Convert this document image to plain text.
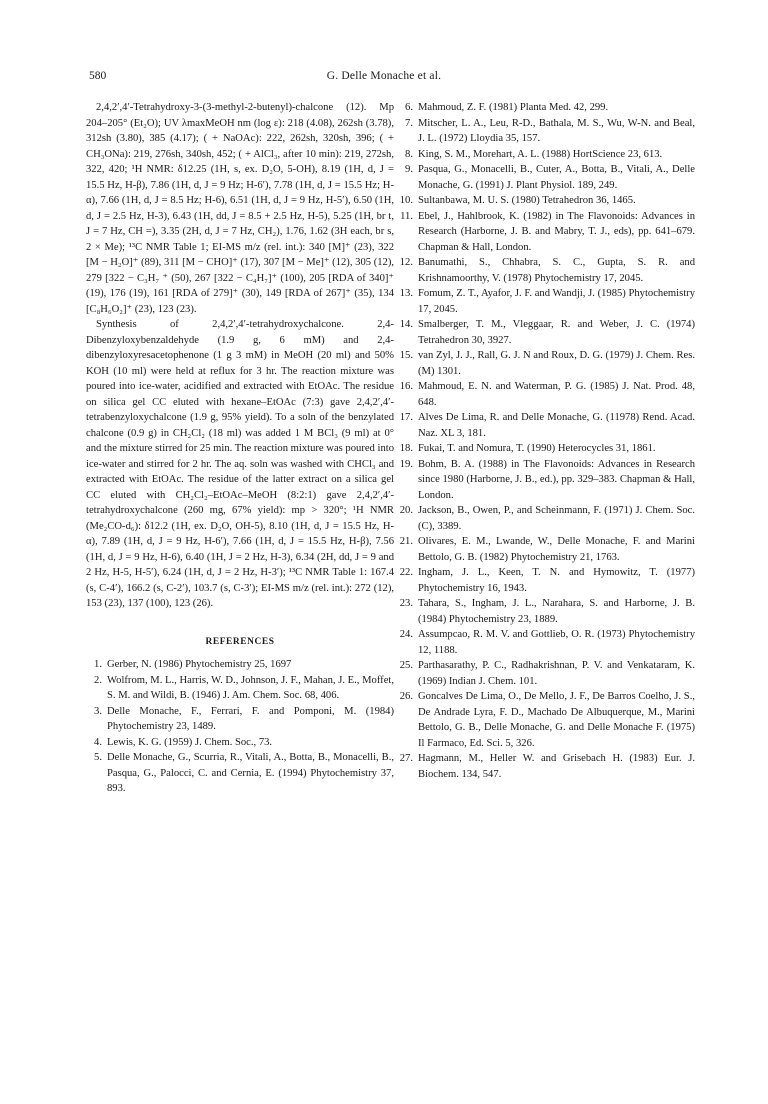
580	G. Delle Monache et al.

2,4,2′,4′-Tetrahydroxy-3-(3-methyl-2-butenyl)-chalcone (12). Mp 204–205° (Et₂O); UV λmaxMeOH nm (log ε): 218 (4.08), 262sh (3.78), 312sh (3.80), 385 (4.17); ( + NaOAc): 222, 262sh, 320sh, 396; ( + CH₃ONa): 219, 276sh, 340sh, 452; ( + AlCl₃, after 10 min): 219, 272sh, 322, 420; ¹H NMR: δ12.25 (1H, s, ex. D₂O, 5-OH), 8.19 (1H, d, J = 15.5 Hz, H-β), 7.86 (1H, d, J = 9 Hz; H-6′), 7.78 (1H, d, J = 15.5 Hz; H-α), 7.66 (1H, d, J = 8.5 Hz; H-6), 6.51 (1H, d, J = 9 Hz, H-5′), 6.50 (1H, d, J = 2.5 Hz, H-3), 6.43 (1H, dd, J = 8.5 + 2.5 Hz, H-5), 5.25 (1H, br t, J = 7 Hz, CH =), 3.35 (2H, d, J = 7 Hz, CH₂), 1.76, 1.62 (3H each, br s, 2 × Me); ¹³C NMR Table 1; EI-MS m/z (rel. int.): 340 [M]⁺ (23), 322 [M − H₂O]⁺ (89), 311 [M − CHO]⁺ (17), 307 [M − Me]⁺ (12), 305 (12), 279 [322 − C₃H₇ ⁺ (50), 267 [322 − C₄H₇]⁺ (100), 205 [RDA of 340]⁺ (19), 176 (19), 161 [RDA of 279]⁺ (30), 149 [RDA of 267]⁺ (35), 134 [C₈H₆O₂]⁺ (23), 123 (23).

Synthesis of 2,4,2′,4′-tetrahydroxychalcone. 2,4-Dibenzyloxybenzaldehyde (1.9 g, 6 mM) and 2,4-dibenzyloxyresacetophenone (1 g 3 mM) in MeOH (20 ml) and 50% KOH (10 ml) were held at reflux for 3 hr. The reaction mixture was poured into ice-water, acidified and extracted with EtOAc. The residue on silica gel CC eluted with hexane–EtOAc (7:3) gave 2,4,2′,4′-tetrabenzyloxychalcone (1.9 g, 95% yield). To a soln of the benzylated chalcone (0.9 g) in CH₂Cl₂ (18 ml) was added 1 M BCl₃ (9 ml) at 0° and the mixture stirred for 25 min. The reaction mixture was poured into ice-water and stirred for 2 hr. The aq. soln was washed with CHCl₃ and extracted with EtOAc. The residue of the latter extract on a silica gel CC eluted with CH₂Cl₂–EtOAc–MeOH (8:2:1) gave 2,4,2′,4′-tetrahydroxychalcone (260 mg, 67% yield): mp > 320°; ¹H NMR (Me₂CO-d₆): δ12.2 (1H, ex. D₂O, OH-5), 8.10 (1H, d, J = 15.5 Hz, H-α), 7.89 (1H, d, J = 9 Hz, H-6′), 7.66 (1H, d, J = 15.5 Hz, H-β), 7.56 (1H, d, J = 9 Hz, H-6), 6.40 (1H, J = 2 Hz, H-3), 6.34 (2H, dd, J = 9 and 2 Hz, H-5, H-5′), 6.24 (1H, d, J = 2 Hz, H-3′); ¹³C NMR Table 1: 167.4 (s, C-4′), 166.2 (s, C-2′), 103.7 (s, C-3′); EI-MS m/z (rel. int.): 272 (12), 153 (23), 137 (100), 123 (26).

REFERENCES

1. Gerber, N. (1986) Phytochemistry 25, 1697

2. Wolfrom, M. L., Harris, W. D., Johnson, J. F., Mahan, J. E., Moffet, S. M. and Wildi, B. (1946) J. Am. Chem. Soc. 68, 406.

3. Delle Monache, F., Ferrari, F. and Pomponi, M. (1984) Phytochemistry 23, 1489.

4. Lewis, K. G. (1959) J. Chem. Soc., 73.

5. Delle Monache, G., Scurria, R., Vitali, A., Botta, B., Monacelli, B., Pasqua, G., Palocci, C. and Cernia, E. (1994) Phytochemistry 37, 893.

6. Mahmoud, Z. F. (1981) Planta Med. 42, 299.

7. Mitscher, L. A., Leu, R-D., Bathala, M. S., Wu, W-N. and Beal, J. L. (1972) Lloydia 35, 157.

8. King, S. M., Morehart, A. L. (1988) HortScience 23, 613.

9. Pasqua, G., Monacelli, B., Cuter, A., Botta, B., Vitali, A., Delle Monache, G. (1991) J. Plant Physiol. 189, 249.

10. Sultanbawa, M. U. S. (1980) Tetrahedron 36, 1465.

11. Ebel, J., Hahlbrook, K. (1982) in The Flavonoids: Advances in Research (Harborne, J. B. and Mabry, T. J., eds), pp. 641–679. Chapman & Hall, London.

12. Banumathi, S., Chhabra, S. C., Gupta, S. R. and Krishnamoorthy, V. (1978) Phytochemistry 17, 2045.

13. Fomum, Z. T., Ayafor, J. F. and Wandji, J. (1985) Phytochemistry 17, 2045.

14. Smalberger, T. M., Vleggaar, R. and Weber, J. C. (1974) Tetrahedron 30, 3927.

15. van Zyl, J. J., Rall, G. J. N and Roux, D. G. (1979) J. Chem. Res. (M) 1301.

16. Mahmoud, E. N. and Waterman, P. G. (1985) J. Nat. Prod. 48, 648.

17. Alves De Lima, R. and Delle Monache, G. (11978) Rend. Acad. Naz. XL 3, 181.

18. Fukai, T. and Nomura, T. (1990) Heterocycles 31, 1861.

19. Bohm, B. A. (1988) in The Flavonoids: Advances in Research since 1980 (Harborne, J. B., ed.), pp. 329–383. Chapman & Hall, London.

20. Jackson, B., Owen, P., and Scheinmann, F. (1971) J. Chem. Soc. (C), 3389.

21. Olivares, E. M., Lwande, W., Delle Monache, F. and Marini Bettolo, G. B. (1982) Phytochemistry 21, 1763.

22. Ingham, J. L., Keen, T. N. and Hymowitz, T. (1977) Phytochemistry 16, 1943.

23. Tahara, S., Ingham, J. L., Narahara, S. and Harborne, J. B. (1984) Phytochemistry 23, 1889.

24. Assumpcao, R. M. V. and Gottlieb, O. R. (1973) Phytochemistry 12, 1188.

25. Parthasarathy, P. C., Radhakrishnan, P. V. and Venkataram, K. (1969) Indian J. Chem. 101.

26. Goncalves De Lima, O., De Mello, J. F., De Barros Coelho, J. S., De Andrade Lyra, F. D., Machado De Albuquerque, M., Marini Bettolo, G. B., Delle Monache, G. and Delle Monache F. (1975) Il Farmaco, Ed. Sci. 5, 326.

27. Hagmann, M., Heller W. and Grisebach H. (1983) Eur. J. Biochem. 134, 547.
